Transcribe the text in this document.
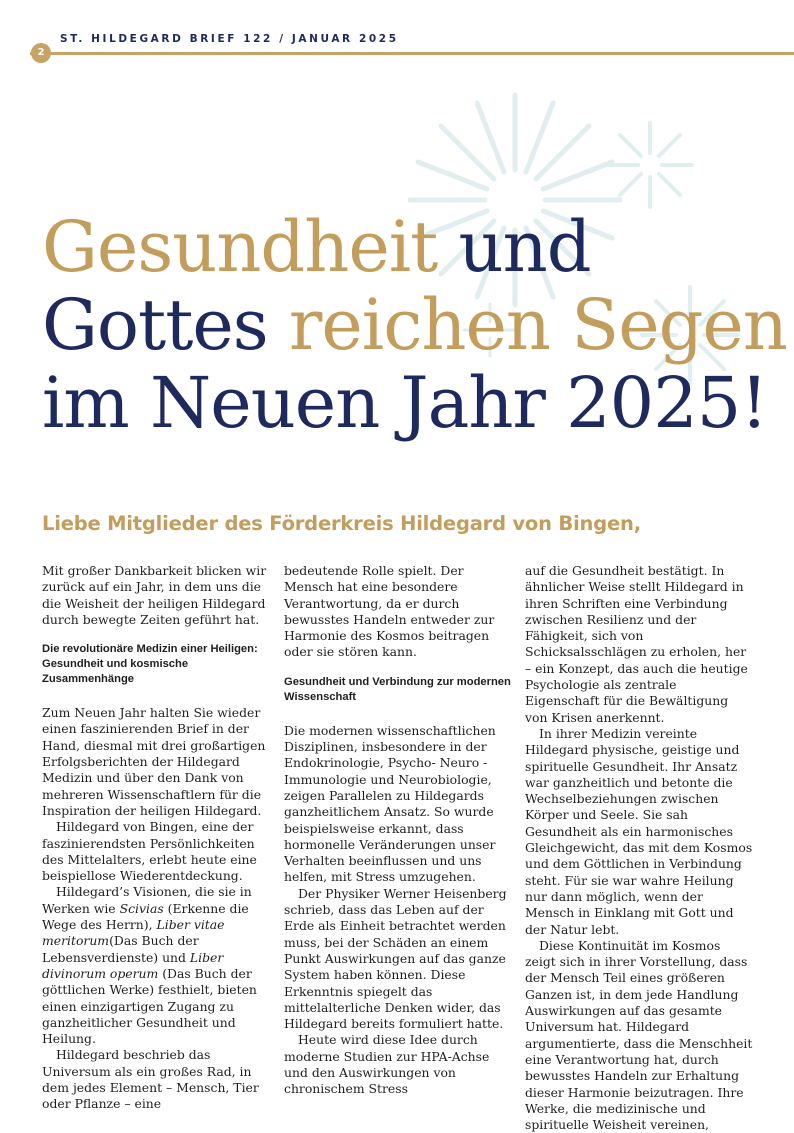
ST. HILDEGARD BRIEF 122 / JANUAR 2025
2
Gesundheit und
Gottes reichen Segen
im Neuen Jahr 2025!
Liebe Mitglieder des Förderkreis Hildegard von Bingen,

Mit großer Dankbarkeit blicken wir zurück auf ein Jahr, in dem uns die die Weisheit der heiligen Hildegard durch bewegte Zeiten geführt hat.

Die revolutionäre Medizin einer Heiligen: Gesundheit und kosmische Zusammenhänge

Zum Neuen Jahr halten Sie wieder einen faszinierenden Brief in der Hand, diesmal mit drei großartigen Erfolgsberichten der Hildegard Medizin und über den Dank von mehreren Wissenschaftlern für die Inspiration der heiligen Hildegard.

Hildegard von Bingen, eine der faszinierendsten Persönlichkeiten des Mittelalters, erlebt heute eine beispiellose Wiederentdeckung.

Hildegard’s Visionen, die sie in Werken wie Scivias (Erkenne die Wege des Herrn), Liber vitae meritorum(Das Buch der Lebensverdienste) und Liber divinorum operum (Das Buch der göttlichen Werke) festhielt, bieten einen einzigartigen Zugang zu ganzheitlicher Gesundheit und Heilung.

Hildegard beschrieb das Universum als ein großes Rad, in dem jedes Element – Mensch, Tier oder Pflanze – eine

bedeutende Rolle spielt. Der Mensch hat eine besondere Verantwortung, da er durch bewusstes Handeln entweder zur Harmonie des Kosmos beitragen oder sie stören kann.

Gesundheit und Verbindung zur modernen Wissenschaft

Die modernen wissenschaftlichen Disziplinen, insbesondere in der Endokrinologie, Psycho- Neuro - Immunologie und Neurobiologie, zeigen Parallelen zu Hildegards ganzheitlichem Ansatz. So wurde beispielsweise erkannt, dass hormonelle Veränderungen unser Verhalten beeinflussen und uns helfen, mit Stress umzugehen.

Der Physiker Werner Heisenberg schrieb, dass das Leben auf der Erde als Einheit betrachtet werden muss, bei der Schäden an einem Punkt Auswirkungen auf das ganze System haben können. Diese Erkenntnis spiegelt das mittelalterliche Denken wider, das Hildegard bereits formuliert hatte.

Heute wird diese Idee durch moderne Studien zur HPA-Achse und den Auswirkungen von chronischem Stress

auf die Gesundheit bestätigt. In ähnlicher Weise stellt Hildegard in ihren Schriften eine Verbindung zwischen Resilienz und der Fähigkeit, sich von Schicksalsschlägen zu erholen, her – ein Konzept, das auch die heutige Psychologie als zentrale Eigenschaft für die Bewältigung von Krisen anerkennt.

In ihrer Medizin vereinte Hildegard physische, geistige und spirituelle Gesundheit. Ihr Ansatz war ganzheitlich und betonte die Wechselbeziehungen zwischen Körper und Seele. Sie sah Gesundheit als ein harmonisches Gleichgewicht, das mit dem Kosmos und dem Göttlichen in Verbindung steht. Für sie war wahre Heilung nur dann möglich, wenn der Mensch in Einklang mit Gott und der Natur lebt.

Diese Kontinuität im Kosmos zeigt sich in ihrer Vorstellung, dass der Mensch Teil eines größeren Ganzen ist, in dem jede Handlung Auswirkungen auf das gesamte Universum hat. Hildegard argumentierte, dass die Menschheit eine Verantwortung hat, durch bewusstes Handeln zur Erhaltung dieser Harmonie beizutragen. Ihre Werke, die medizinische und spirituelle Weisheit vereinen,
